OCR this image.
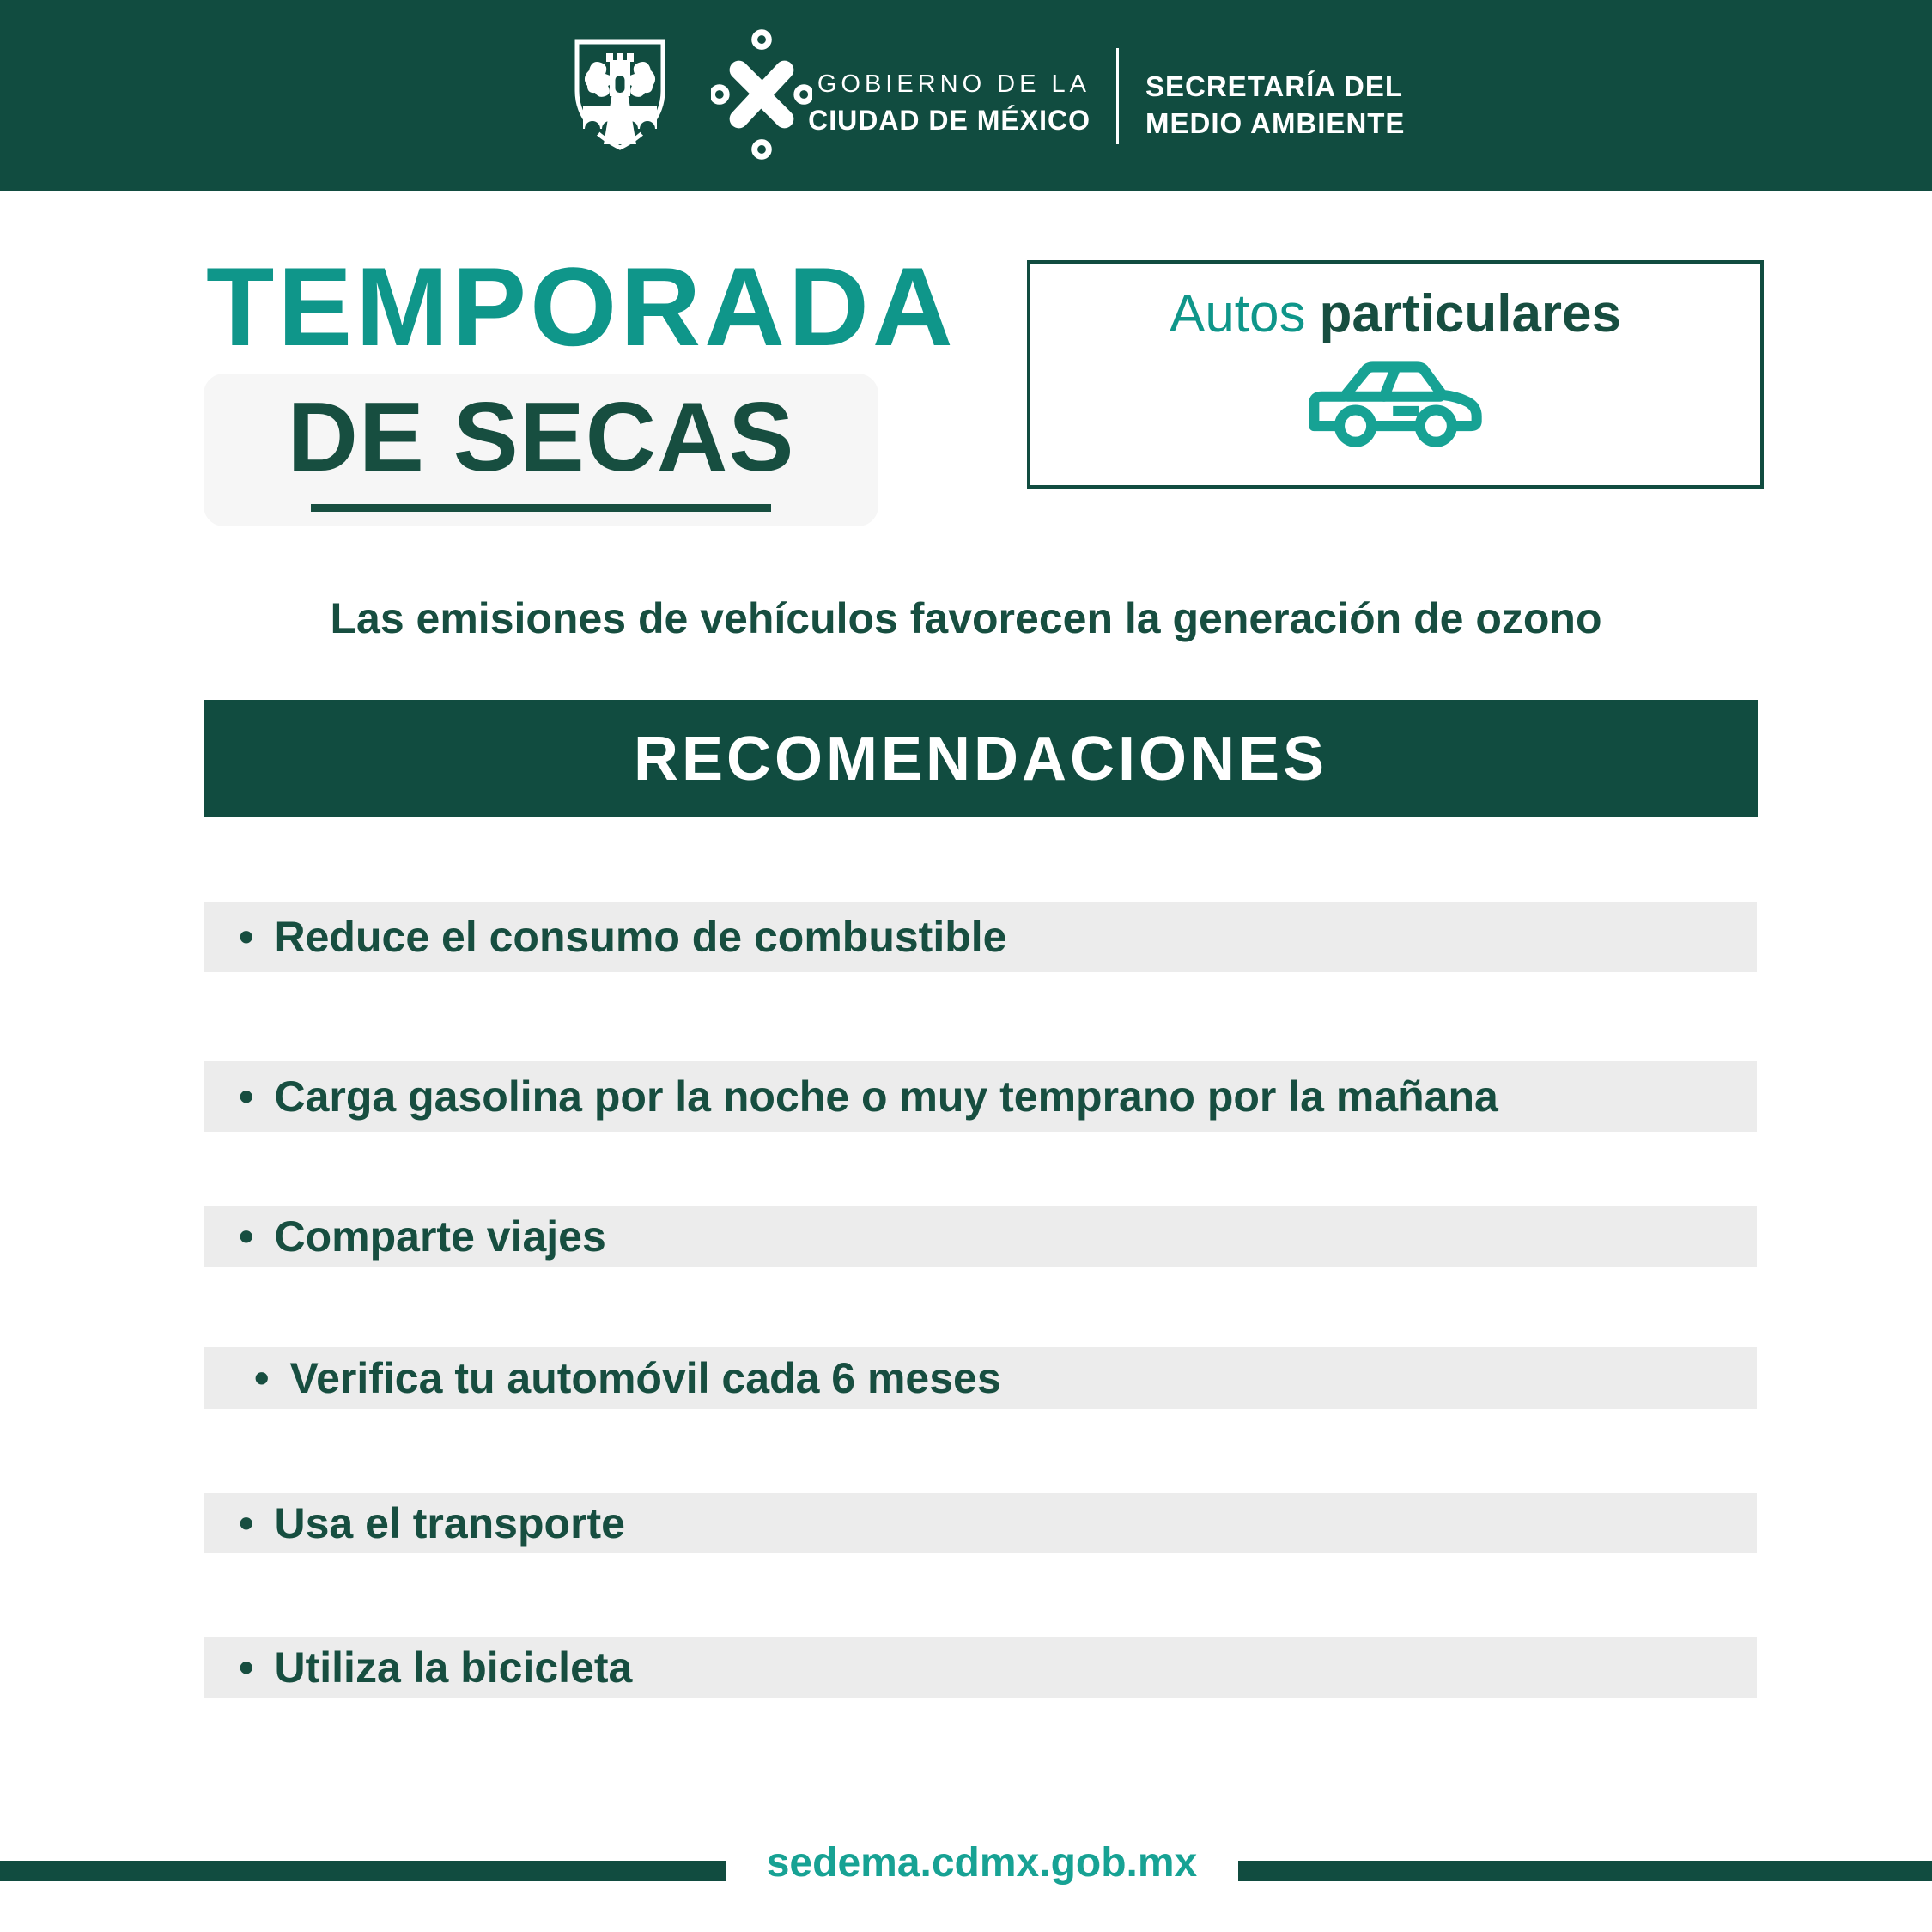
GOBIERNO DE LA
CIUDAD DE MÉXICO
SECRETARÍA DEL
MEDIO AMBIENTE
TEMPORADA
DE SECAS
Autos particulares

Las emisiones de vehículos favorecen la generación de ozono

RECOMENDACIONES
• Reduce el consumo de combustible
• Carga gasolina por la noche o muy temprano por la mañana
• Comparte viajes
• Verifica tu automóvil cada 6 meses
• Usa el transporte
• Utiliza la bicicleta
sedema.cdmx.gob.mx
